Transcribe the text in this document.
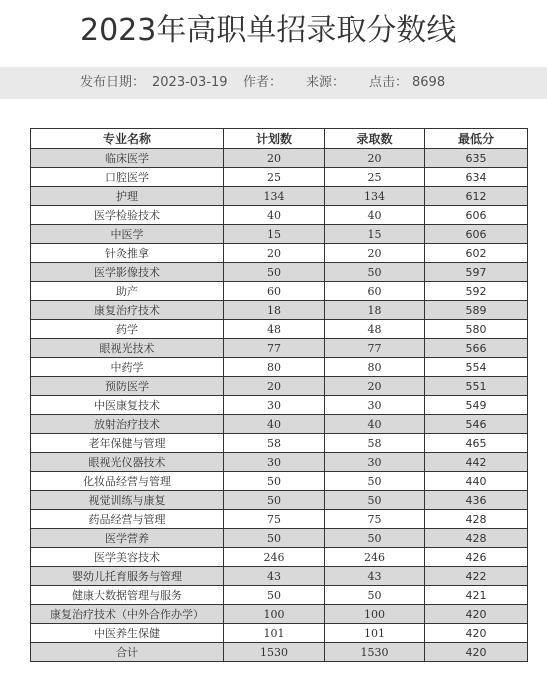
2023年高职单招录取分数线
发布日期： 2023-03-19 作者： 来源： 点击： 8698
专业名称	计划数	录取数	最低分
临床医学	20	20	635
口腔医学	25	25	634
护理	134	134	612
医学检验技术	40	40	606
中医学	15	15	606
针灸推拿	20	20	602
医学影像技术	50	50	597
助产	60	60	592
康复治疗技术	18	18	589
药学	48	48	580
眼视光技术	77	77	566
中药学	80	80	554
预防医学	20	20	551
中医康复技术	30	30	549
放射治疗技术	40	40	546
老年保健与管理	58	58	465
眼视光仪器技术	30	30	442
化妆品经营与管理	50	50	440
视觉训练与康复	50	50	436
药品经营与管理	75	75	428
医学营养	50	50	428
医学美容技术	246	246	426
婴幼儿托育服务与管理	43	43	422
健康大数据管理与服务	50	50	421
康复治疗技术（中外合作办学）	100	100	420
中医养生保健	101	101	420
合计	1530	1530	420
